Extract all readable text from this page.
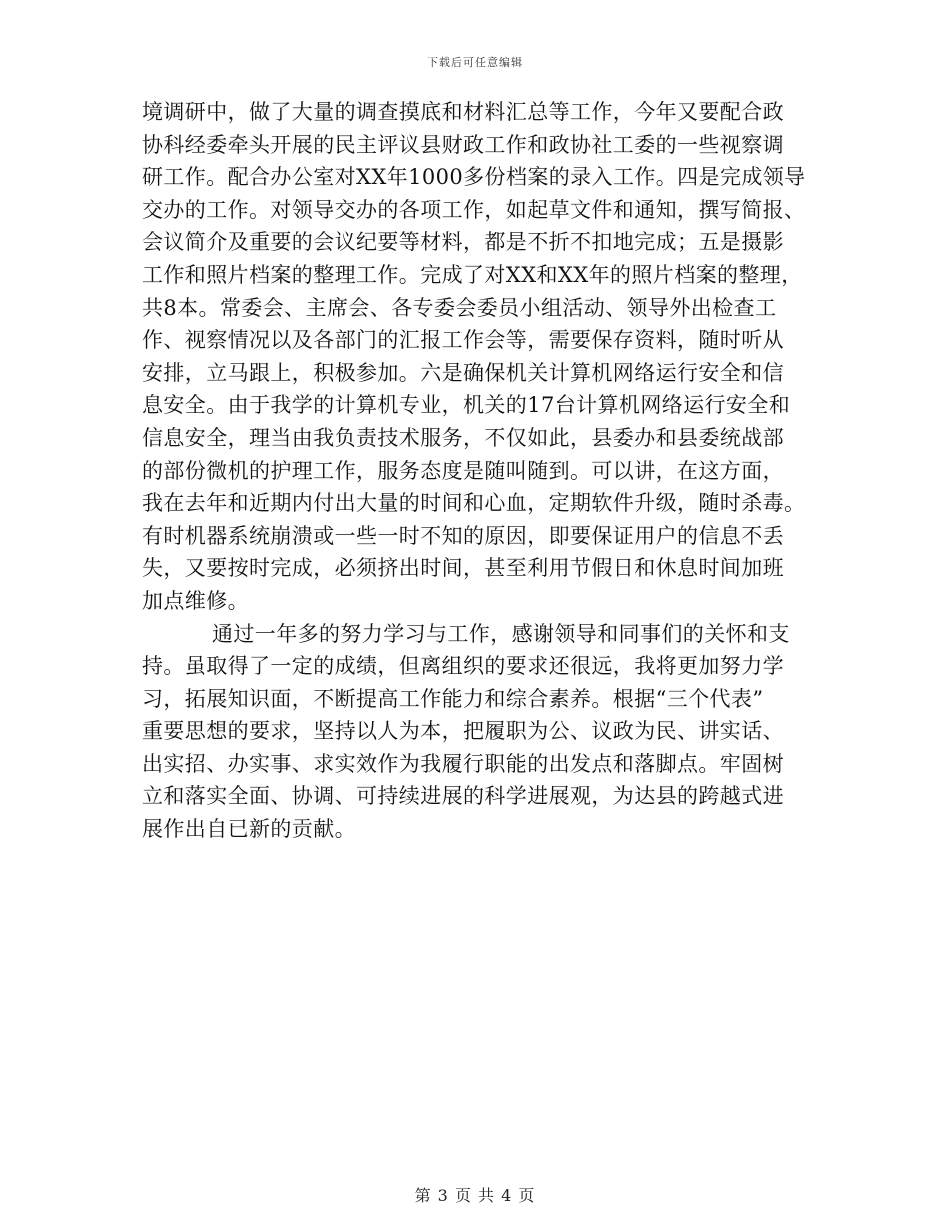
下载后可任意编辑
境调研中，做了大量的调查摸底和材料汇总等工作，今年又要配合政
协科经委牵头开展的民主评议县财政工作和政协社工委的一些视察调
研工作。配合办公室对XX年1000多份档案的录入工作。四是完成领导
交办的工作。对领导交办的各项工作，如起草文件和通知，撰写简报、
会议简介及重要的会议纪要等材料，都是不折不扣地完成；五是摄影
工作和照片档案的整理工作。完成了对XX和XX年的照片档案的整理，
共8本。常委会、主席会、各专委会委员小组活动、领导外出检查工
作、视察情况以及各部门的汇报工作会等，需要保存资料，随时听从
安排，立马跟上，积极参加。六是确保机关计算机网络运行安全和信
息安全。由于我学的计算机专业，机关的17台计算机网络运行安全和
信息安全，理当由我负责技术服务，不仅如此，县委办和县委统战部
的部份微机的护理工作，服务态度是随叫随到。可以讲，在这方面，
我在去年和近期内付出大量的时间和心血，定期软件升级，随时杀毒。
有时机器系统崩溃或一些一时不知的原因，即要保证用户的信息不丢
失，又要按时完成，必须挤出时间，甚至利用节假日和休息时间加班
加点维修。
通过一年多的努力学习与工作，感谢领导和同事们的关怀和支
持。虽取得了一定的成绩，但离组织的要求还很远，我将更加努力学
习，拓展知识面，不断提高工作能力和综合素养。根据“三个代表”
重要思想的要求，坚持以人为本，把履职为公、议政为民、讲实话、
出实招、办实事、求实效作为我履行职能的出发点和落脚点。牢固树
立和落实全面、协调、可持续进展的科学进展观，为达县的跨越式进
展作出自已新的贡献。
第 3 页 共 4 页
